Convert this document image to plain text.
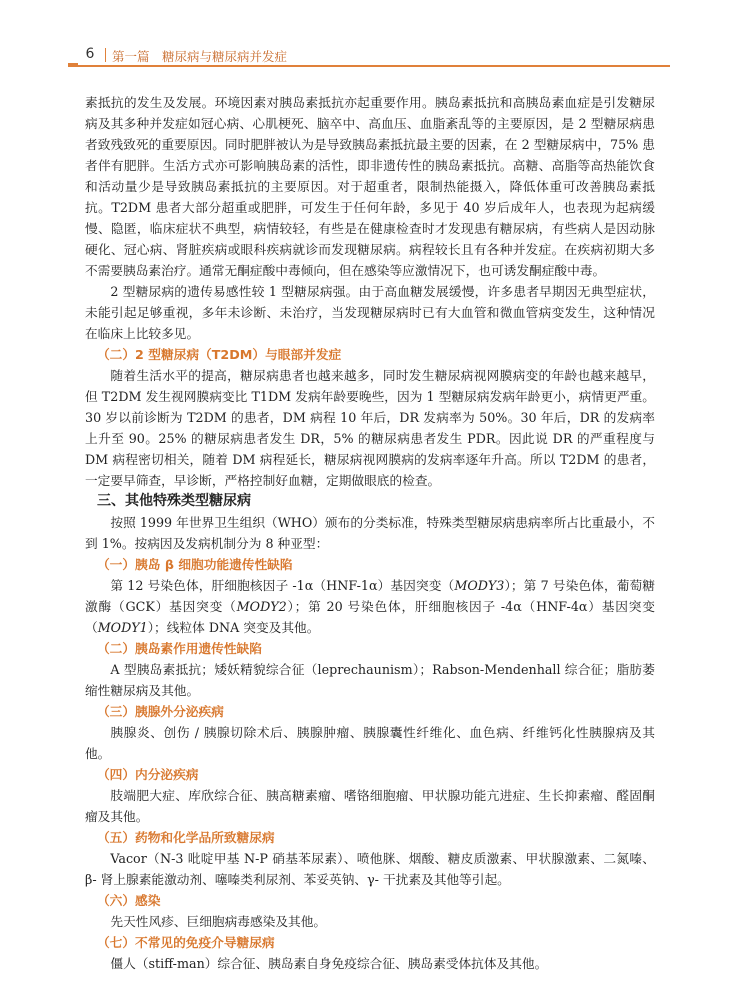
6	第一篇　 糖尿病与糖尿病并发症

素抵抗的发生及发展。环境因素对胰岛素抵抗亦起重要作用。胰岛素抵抗和高胰岛素血症是引发糖尿病及其多种并发症如冠心病、心肌梗死、脑卒中、高血压、血脂紊乱等的主要原因，是 2 型糖尿病患者致残致死的重要原因。同时肥胖被认为是导致胰岛素抵抗最主要的因素，在 2 型糖尿病中，75% 患者伴有肥胖。生活方式亦可影响胰岛素的活性，即非遗传性的胰岛素抵抗。高糖、高脂等高热能饮食和活动量少是导致胰岛素抵抗的主要原因。对于超重者，限制热能摄入，降低体重可改善胰岛素抵抗。T2DM 患者大部分超重或肥胖，可发生于任何年龄，多见于 40 岁后成年人，也表现为起病缓慢、隐匿，临床症状不典型，病情较轻，有些是在健康检查时才发现患有糖尿病，有些病人是因动脉硬化、冠心病、肾脏疾病或眼科疾病就诊而发现糖尿病。病程较长且有各种并发症。在疾病初期大多不需要胰岛素治疗。通常无酮症酸中毒倾向，但在感染等应激情况下，也可诱发酮症酸中毒。

2 型糖尿病的遗传易感性较 1 型糖尿病强。由于高血糖发展缓慢，许多患者早期因无典型症状，未能引起足够重视，多年未诊断、未治疗，当发现糖尿病时已有大血管和微血管病变发生，这种情况在临床上比较多见。

（二）2 型糖尿病（T2DM）与眼部并发症

随着生活水平的提高，糖尿病患者也越来越多，同时发生糖尿病视网膜病变的年龄也越来越早，但 T2DM 发生视网膜病变比 T1DM 发病年龄要晚些，因为 1 型糖尿病发病年龄更小，病情更严重。30 岁以前诊断为 T2DM 的患者，DM 病程 10 年后，DR 发病率为 50%。30 年后，DR 的发病率上升至 90。25% 的糖尿病患者发生 DR，5% 的糖尿病患者发生 PDR。因此说 DR 的严重程度与 DM 病程密切相关，随着 DM 病程延长，糖尿病视网膜病的发病率逐年升高。所以 T2DM 的患者，一定要早筛查，早诊断，严格控制好血糖，定期做眼底的检查。

三、其他特殊类型糖尿病

按照 1999 年世界卫生组织（WHO）颁布的分类标准，特殊类型糖尿病患病率所占比重最小，不到 1%。按病因及发病机制分为 8 种亚型：

（一）胰岛 β 细胞功能遗传性缺陷

第 12 号染色体，肝细胞核因子 -1α（HNF-1α）基因突变（MODY3）；第 7 号染色体，葡萄糖激酶（GCK）基因突变（MODY2）；第 20 号染色体，肝细胞核因子 -4α（HNF-4α）基因突变（MODY1）；线粒体 DNA 突变及其他。

（二）胰岛素作用遗传性缺陷

A 型胰岛素抵抗；矮妖精貌综合征（leprechaunism）；Rabson-Mendenhall 综合征；脂肪萎缩性糖尿病及其他。

（三）胰腺外分泌疾病

胰腺炎、创伤 / 胰腺切除术后、胰腺肿瘤、胰腺囊性纤维化、血色病、纤维钙化性胰腺病及其他。

（四）内分泌疾病

肢端肥大症、库欣综合征、胰高糖素瘤、嗜铬细胞瘤、甲状腺功能亢进症、生长抑素瘤、醛固酮瘤及其他。

（五）药物和化学品所致糖尿病

Vacor（N-3 吡啶甲基 N-P 硝基苯尿素）、喷他脒、烟酸、糖皮质激素、甲状腺激素、二氮嗪、β- 肾上腺素能激动剂、噻嗪类利尿剂、苯妥英钠、γ- 干扰素及其他等引起。

（六）感染

先天性风疹、巨细胞病毒感染及其他。

（七）不常见的免疫介导糖尿病

僵人（stiff-man）综合征、胰岛素自身免疫综合征、胰岛素受体抗体及其他。
